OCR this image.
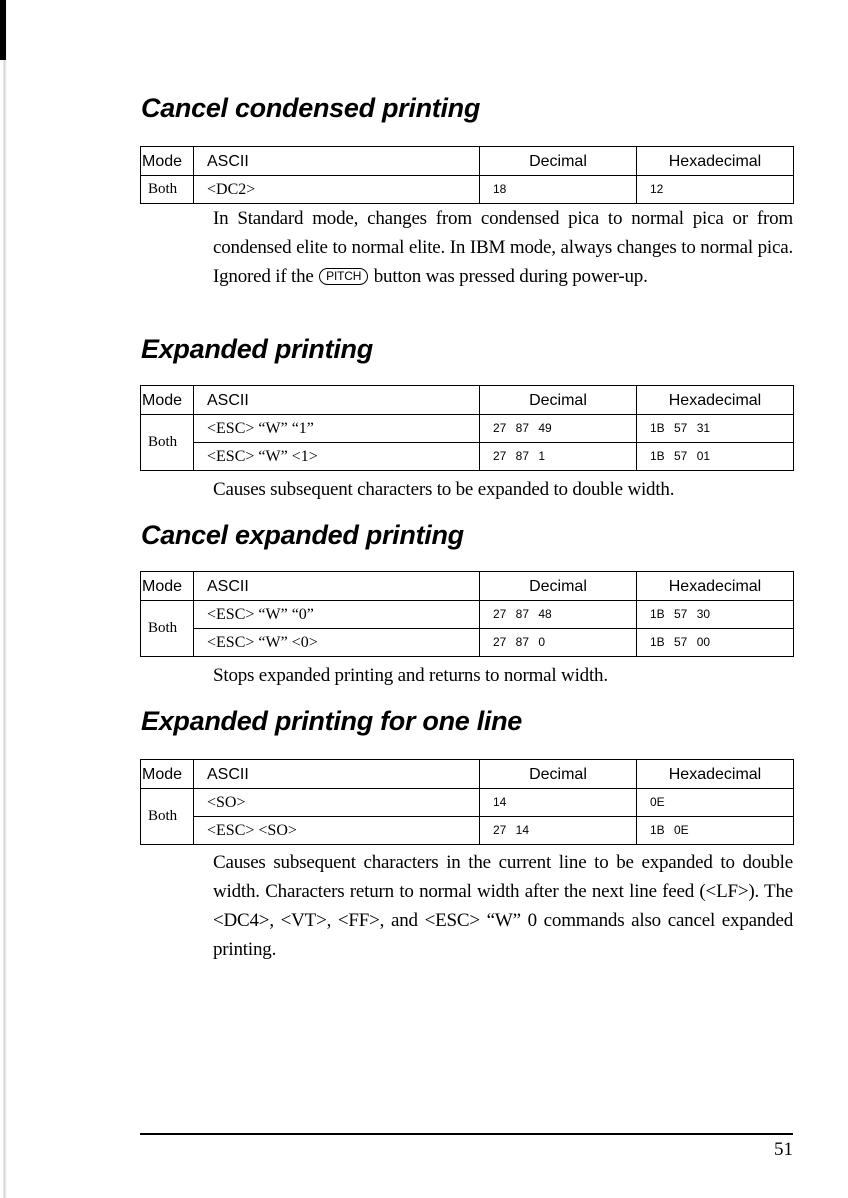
Cancel condensed printing
Mode	ASCII	Decimal	Hexadecimal
Both	<DC2>	18	12

In Standard mode, changes from condensed pica to normal pica or from condensed elite to normal elite. In IBM mode, always changes to normal pica. Ignored if the PITCH button was pressed during power-up.

Expanded printing
Mode	ASCII	Decimal	Hexadecimal
Both	<ESC> “W” “1”	27 87 49	1B 57 31
	<ESC> “W” <1>	27 87 1	1B 57 01

Causes subsequent characters to be expanded to double width.

Cancel expanded printing
Mode	ASCII	Decimal	Hexadecimal
Both	<ESC> “W” “0”	27 87 48	1B 57 30
	<ESC> “W” <0>	27 87 0	1B 57 00

Stops expanded printing and returns to normal width.

Expanded printing for one line
Mode	ASCII	Decimal	Hexadecimal
Both	<SO>	14	0E
	<ESC> <SO>	27 14	1B 0E

Causes subsequent characters in the current line to be expanded to double width. Characters return to normal width after the next line feed (<LF>). The <DC4>, <VT>, <FF>, and <ESC> “W” 0 commands also cancel expanded printing.

51
